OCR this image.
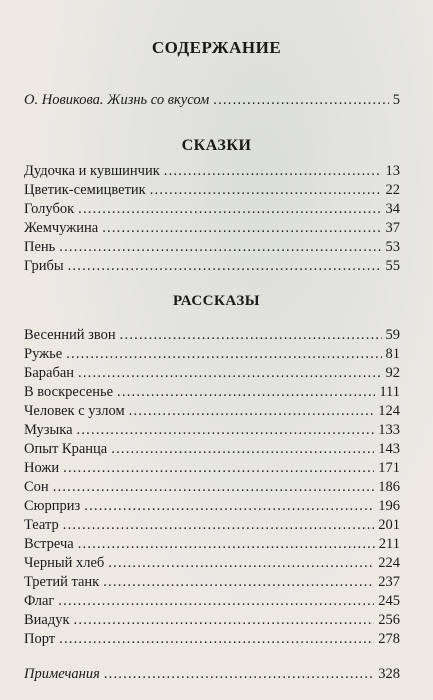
СОДЕРЖАНИЕ
О. Новикова. Жизнь со вкусом .....	5
СКАЗКИ
Дудочка и кувшинчик .....	13
Цветик-семицветик .....	22
Голубок .....	34
Жемчужина .....	37
Пень .....	53
Грибы .....	55
РАССКАЗЫ
Весенний звон .....	59
Ружье .....	81
Барабан .....	92
В воскресенье .....	111
Человек с узлом .....	124
Музыка .....	133
Опыт Кранца .....	143
Ножи .....	171
Сон .....	186
Сюрприз .....	196
Театр .....	201
Встреча .....	211
Черный хлеб .....	224
Третий танк .....	237
Флаг .....	245
Виадук .....	256
Порт .....	278
Примечания .....	328
